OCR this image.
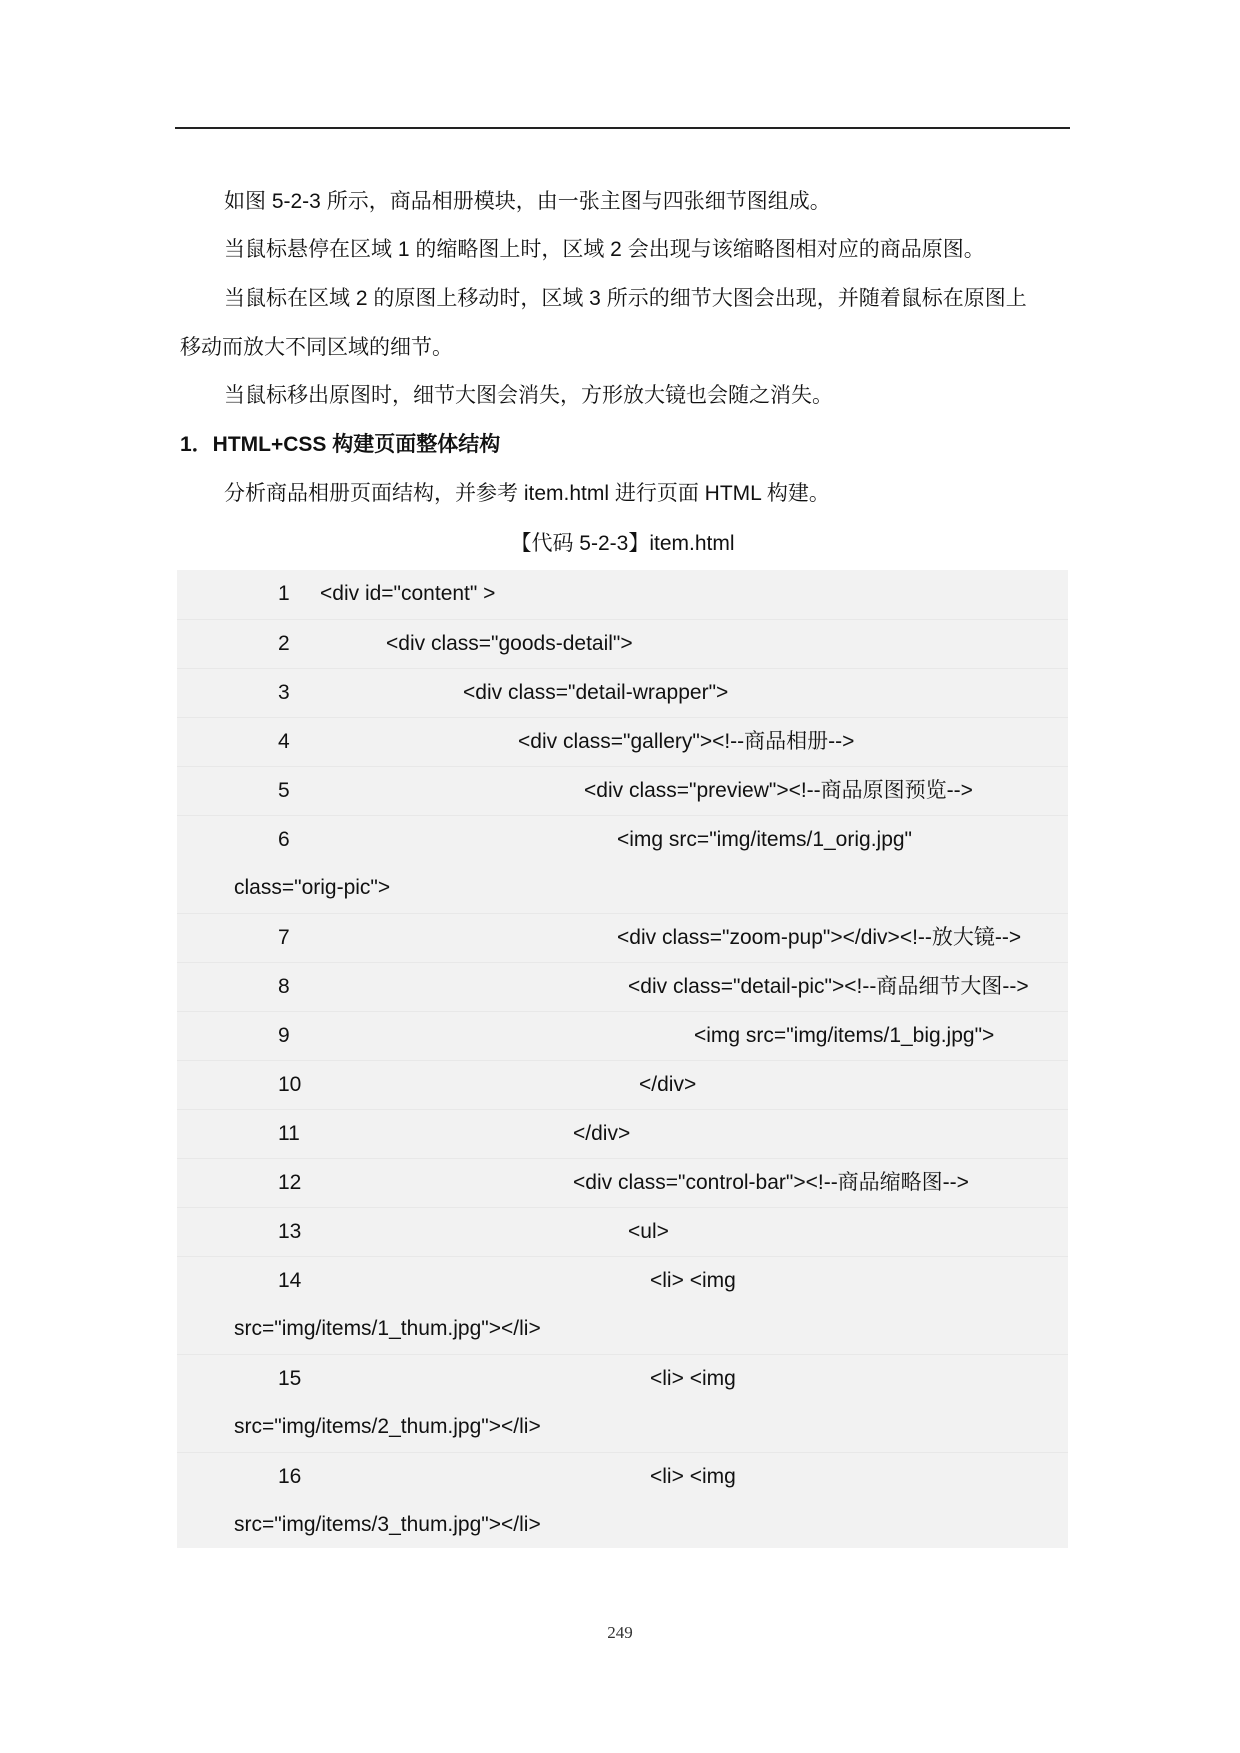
如图 5-2-3 所示，商品相册模块，由一张主图与四张细节图组成。
当鼠标悬停在区域 1 的缩略图上时，区域 2 会出现与该缩略图相对应的商品原图。
当鼠标在区域 2 的原图上移动时，区域 3 所示的细节大图会出现，并随着鼠标在原图上
移动而放大不同区域的细节。
当鼠标移出原图时，细节大图会消失，方形放大镜也会随之消失。
1．HTML+CSS 构建页面整体结构
分析商品相册页面结构，并参考 item.html 进行页面 HTML 构建。
【代码 5-2-3】item.html
1 <div id="content" >
2	<div class="goods-detail">
3	<div class="detail-wrapper">
4	<div class="gallery"><!--商品相册-->
5	<div class="preview"><!--商品原图预览-->
6	<img src="img/items/1_orig.jpg"
class="orig-pic">
7	<div class="zoom-pup"></div><!--放大镜-->
8	<div class="detail-pic"><!--商品细节大图-->
9	<img src="img/items/1_big.jpg">
10	</div>
11	</div>
12	<div class="control-bar"><!--商品缩略图-->
13	<ul>
14	<li> <img
src="img/items/1_thum.jpg"></li>
15	<li> <img
src="img/items/2_thum.jpg"></li>
16	<li> <img
src="img/items/3_thum.jpg"></li>
249
